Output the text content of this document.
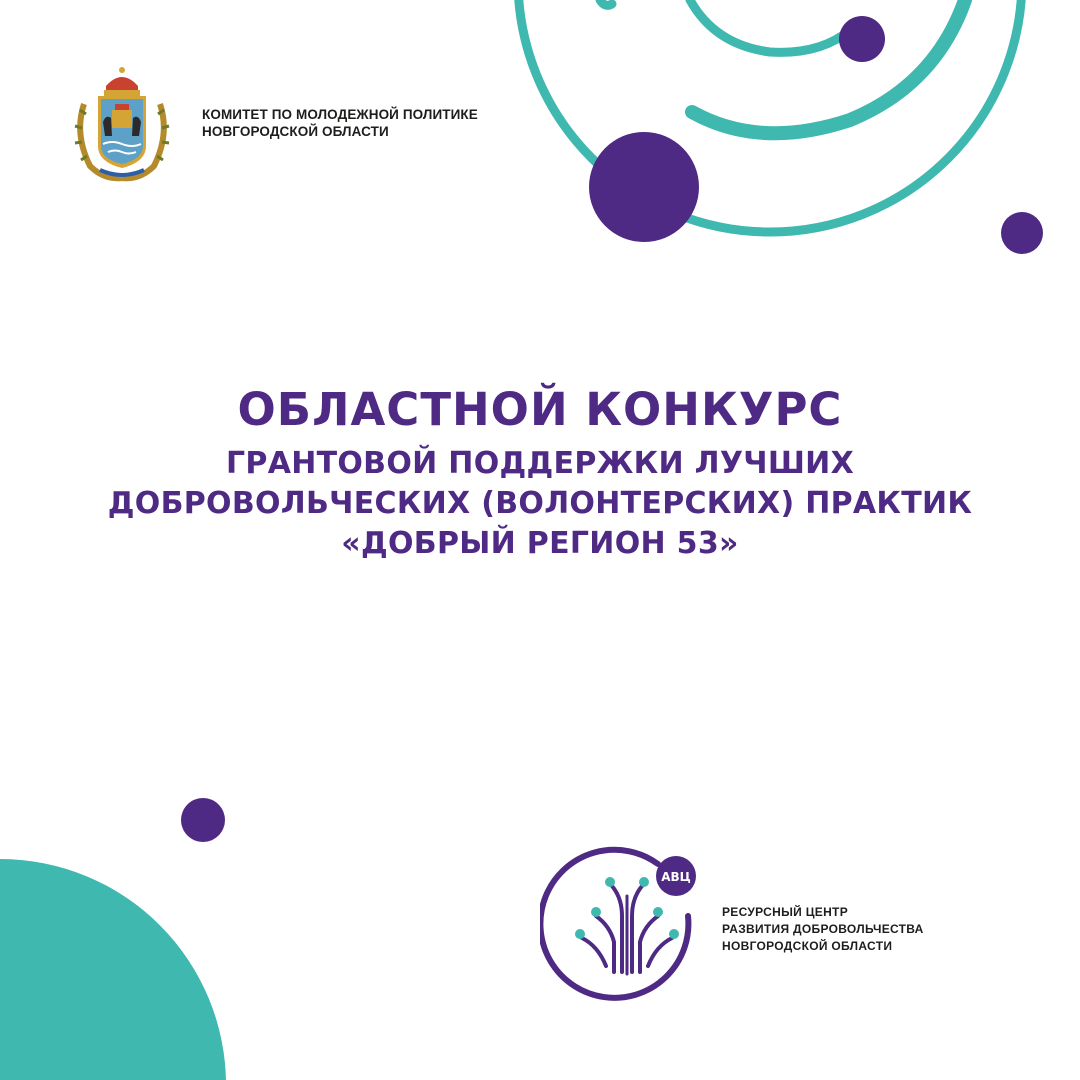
КОМИТЕТ ПО МОЛОДЕЖНОЙ ПОЛИТИКЕ
НОВГОРОДСКОЙ ОБЛАСТИ
ОБЛАСТНОЙ КОНКУРС
ГРАНТОВОЙ ПОДДЕРЖКИ ЛУЧШИХ
ДОБРОВОЛЬЧЕСКИХ (ВОЛОНТЕРСКИХ) ПРАКТИК
«ДОБРЫЙ РЕГИОН 53»
АВЦ
РЕСУРСНЫЙ ЦЕНТР
РАЗВИТИЯ ДОБРОВОЛЬЧЕСТВА
НОВГОРОДСКОЙ ОБЛАСТИ
